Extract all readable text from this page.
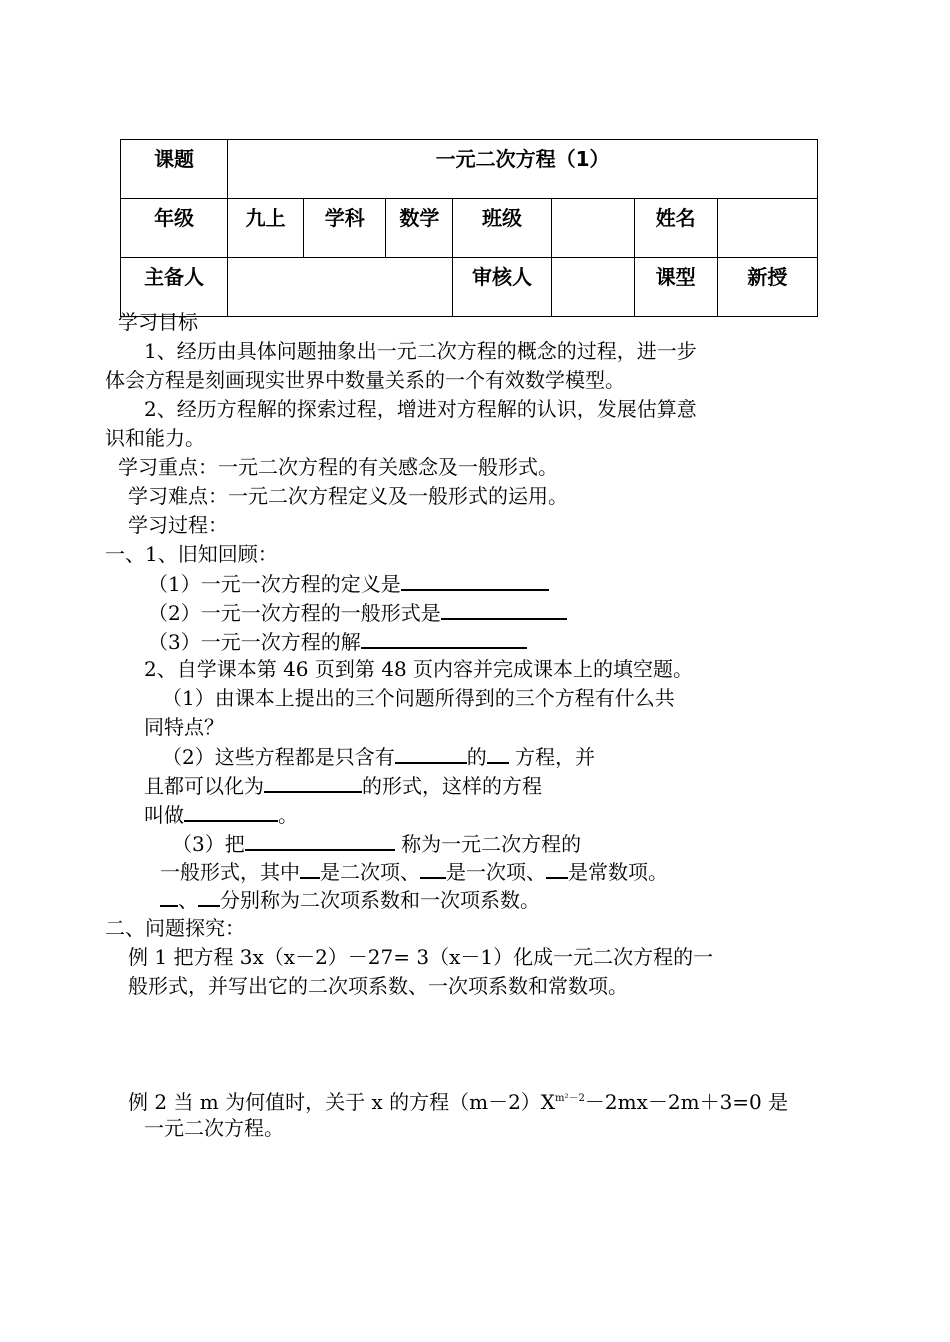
课题	一元二次方程（1）						
年级	九上	学科	数学	班级		姓名	
主备人				审核人		课型	新授
学习目标
1、经历由具体问题抽象出一元二次方程的概念的过程，进一步
体会方程是刻画现实世界中数量关系的一个有效数学模型。
2、经历方程解的探索过程，增进对方程解的认识，发展估算意
识和能力。
学习重点：一元二次方程的有关感念及一般形式。
学习难点：一元二次方程定义及一般形式的运用。
学习过程：
一、1、旧知回顾：
（1）一元一次方程的定义是
（2）一元一次方程的一般形式是
（3）一元一次方程的解
2、自学课本第 46 页到第 48 页内容并完成课本上的填空题。
（1）由课本上提出的三个问题所得到的三个方程有什么共
同特点？
（2）这些方程都是只含有	的 方程，并
且都可以化为	的形式，这样的方程
叫做	。
（3）把	称为一元二次方程的
一般形式，其中 是二次项、 是一次项、 是常数项。
、 分别称为二次项系数和一次项系数。
二、问题探究：
例 1 把方程 3x（x－2）－27= 3（x－1）化成一元二次方程的一
般形式，并写出它的二次项系数、一次项系数和常数项。
例 2 当 m 为何值时，关于 x 的方程$(m-2)X^{m^2-2}-2mx-2m+3=0$ 是
一元二次方程。
